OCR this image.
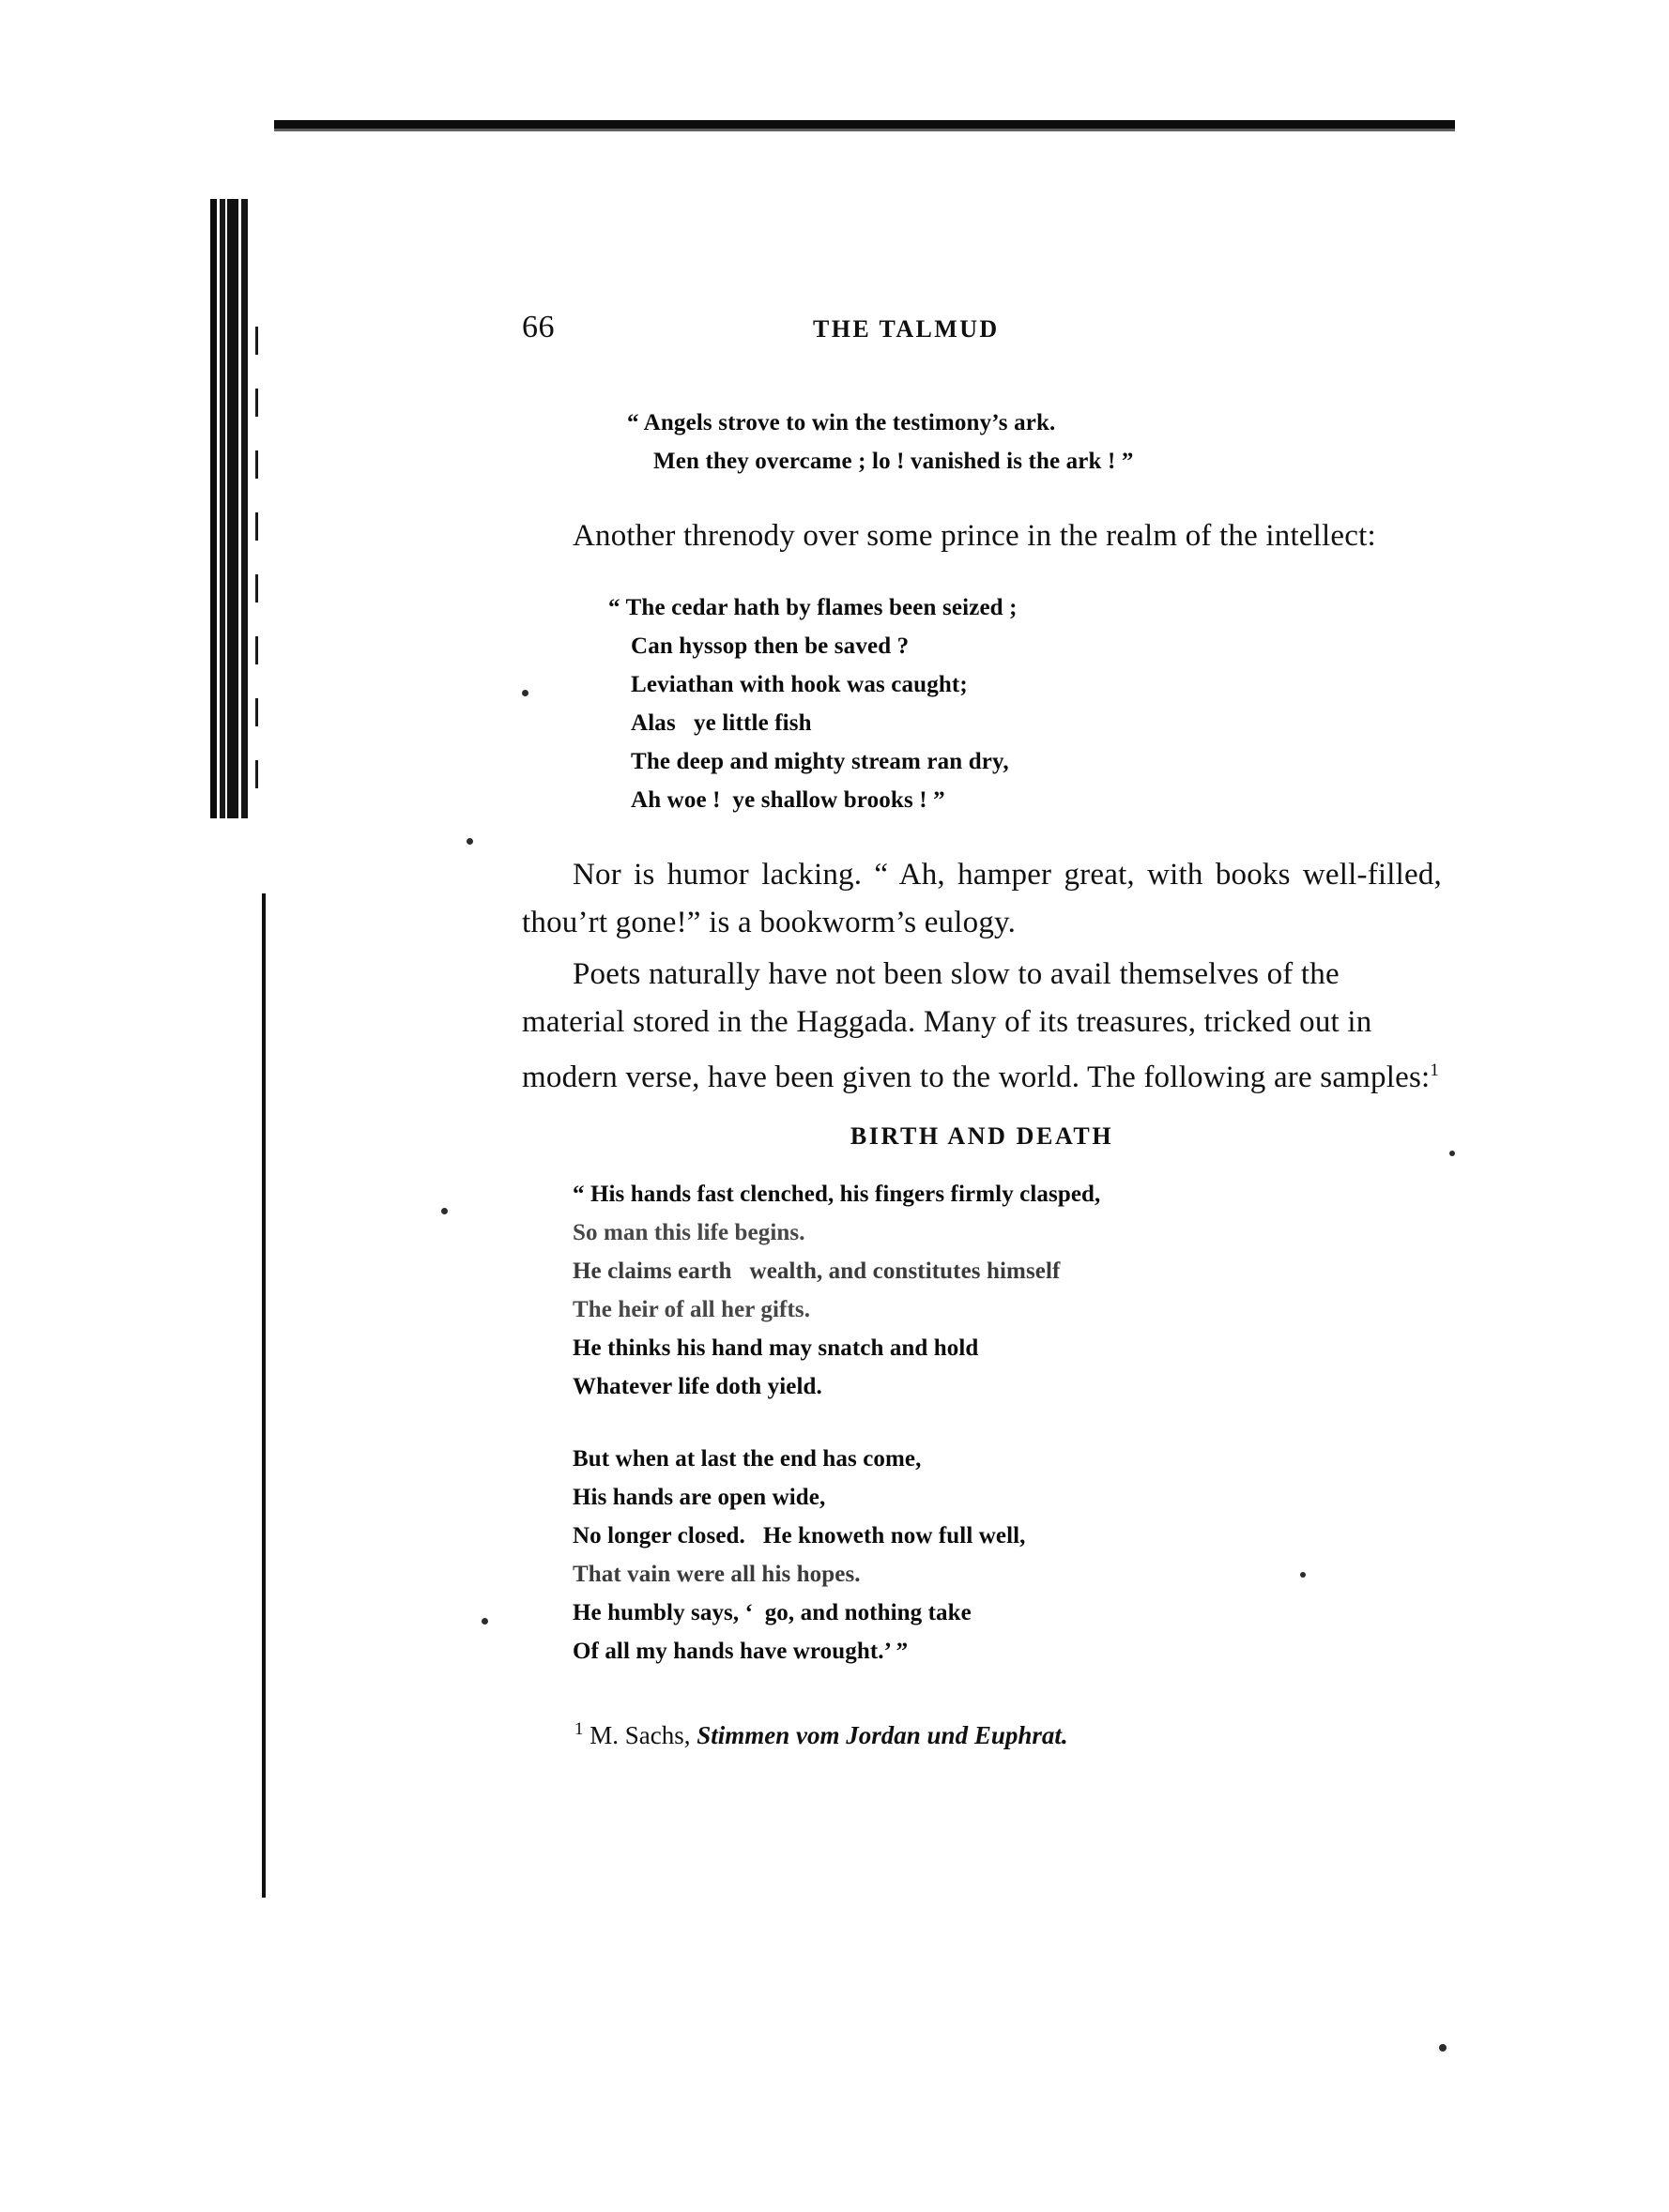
66	THE TALMUD
“ Angels strove to win the testimony’s ark.
Men they overcame ; lo ! vanished is the ark ! ”

Another threnody over some prince in the realm of the intellect:

“ The cedar hath by flames been seized ;
Can hyssop then be saved ?
Leviathan with hook was caught;
Alas   ye little fish
The deep and mighty stream ran dry,
Ah woe !  ye shallow brooks ! ”

Nor is humor lacking. “ Ah, hamper great, with books well-filled, thou’rt gone!” is a bookworm’s eulogy.

Poets naturally have not been slow to avail themselves of the material stored in the Haggada. Many of its treasures, tricked out in modern verse, have been given to the world. The following are samples:$^1$

BIRTH AND DEATH
“ His hands fast clenched, his fingers firmly clasped,
So man this life begins.
He claims earth   wealth, and constitutes himself
The heir of all her gifts.
He thinks his hand may snatch and hold
Whatever life doth yield.
But when at last the end has come,
His hands are open wide,
No longer closed.   He knoweth now full well,
That vain were all his hopes.
He humbly says, ‘  go, and nothing take
Of all my hands have wrought.’ ”
$^1$ M. Sachs, Stimmen vom Jordan und Euphrat.
